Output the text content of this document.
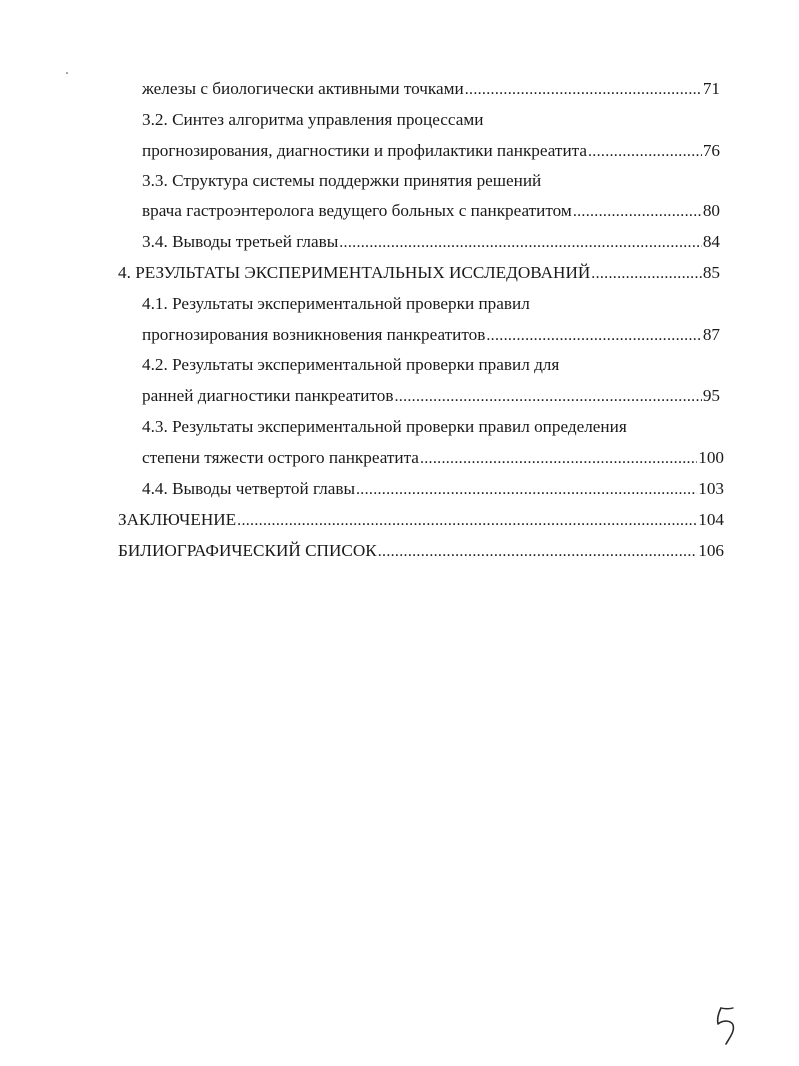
железы с биологически активными точками .....	71
3.2. Синтез алгоритма управления процессами
прогнозирования, диагностики и профилактики панкреатита .....	76
3.3. Структура системы поддержки принятия решений
врача гастроэнтеролога ведущего больных с панкреатитом .....	80
3.4. Выводы третьей главы .....	84
4. РЕЗУЛЬТАТЫ ЭКСПЕРИМЕНТАЛЬНЫХ ИССЛЕДОВАНИЙ .....	85
4.1. Результаты экспериментальной проверки правил
прогнозирования возникновения панкреатитов .....	87
4.2. Результаты экспериментальной проверки правил для
ранней диагностики панкреатитов .....	95
4.3. Результаты экспериментальной проверки правил определения
степени тяжести острого панкреатита .....	100
4.4. Выводы четвертой главы .....	103
ЗАКЛЮЧЕНИЕ .....	104
БИЛИОГРАФИЧЕСКИЙ СПИСОК .....	106
